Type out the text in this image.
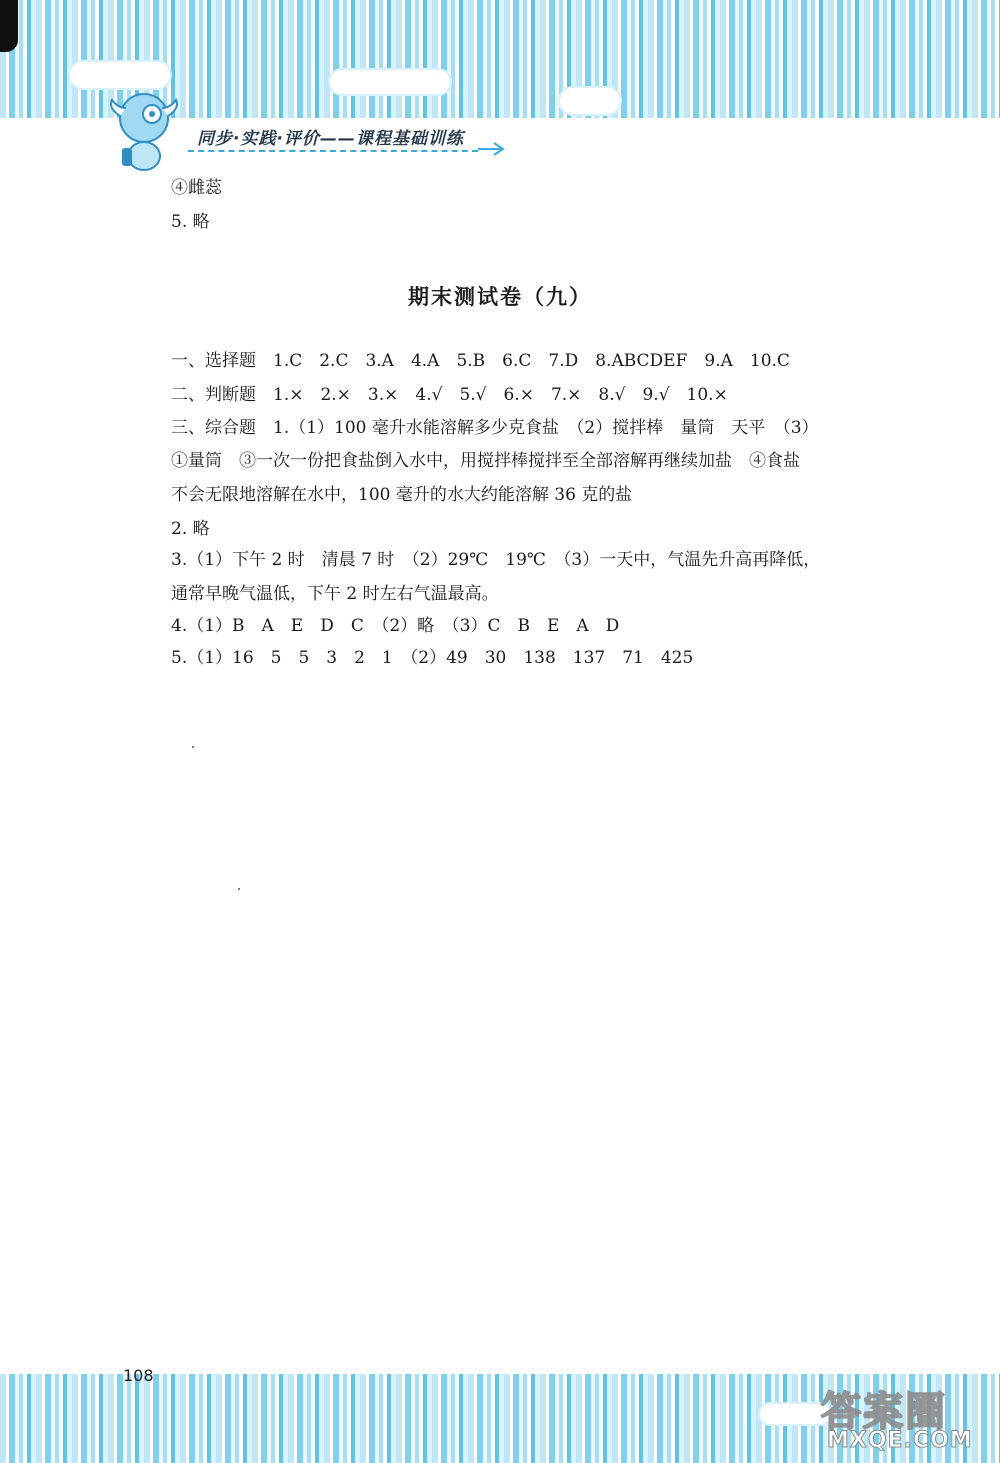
同步·实践·评价——课程基础训练
④雌蕊
5. 略
期末测试卷（九）
一、选择题　1.C　2.C　3.A　4.A　5.B　6.C　7.D　8.ABCDEF　9.A　10.C
二、判断题　1.×　2.×　3.×　4.√　5.√　6.×　7.×　8.√　9.√　10.×
三、综合题　1.（1）100 毫升水能溶解多少克食盐　（2）搅拌棒　量筒　天平　（3）
①量筒　③一次一份把食盐倒入水中，用搅拌棒搅拌至全部溶解再继续加盐　④食盐
不会无限地溶解在水中，100 毫升的水大约能溶解 36 克的盐
2. 略
3.（1）下午 2 时　清晨 7 时　（2）29℃　19℃　（3）一天中，气温先升高再降低，
通常早晚气温低，下午 2 时左右气温最高。
4.（1）B　A　E　D　C　（2）略　（3）C　B　E　A　D
5.（1）16　5　5　3　2　1　（2）49　30　138　137　71　425
108
答案圈
MXQE.COM
